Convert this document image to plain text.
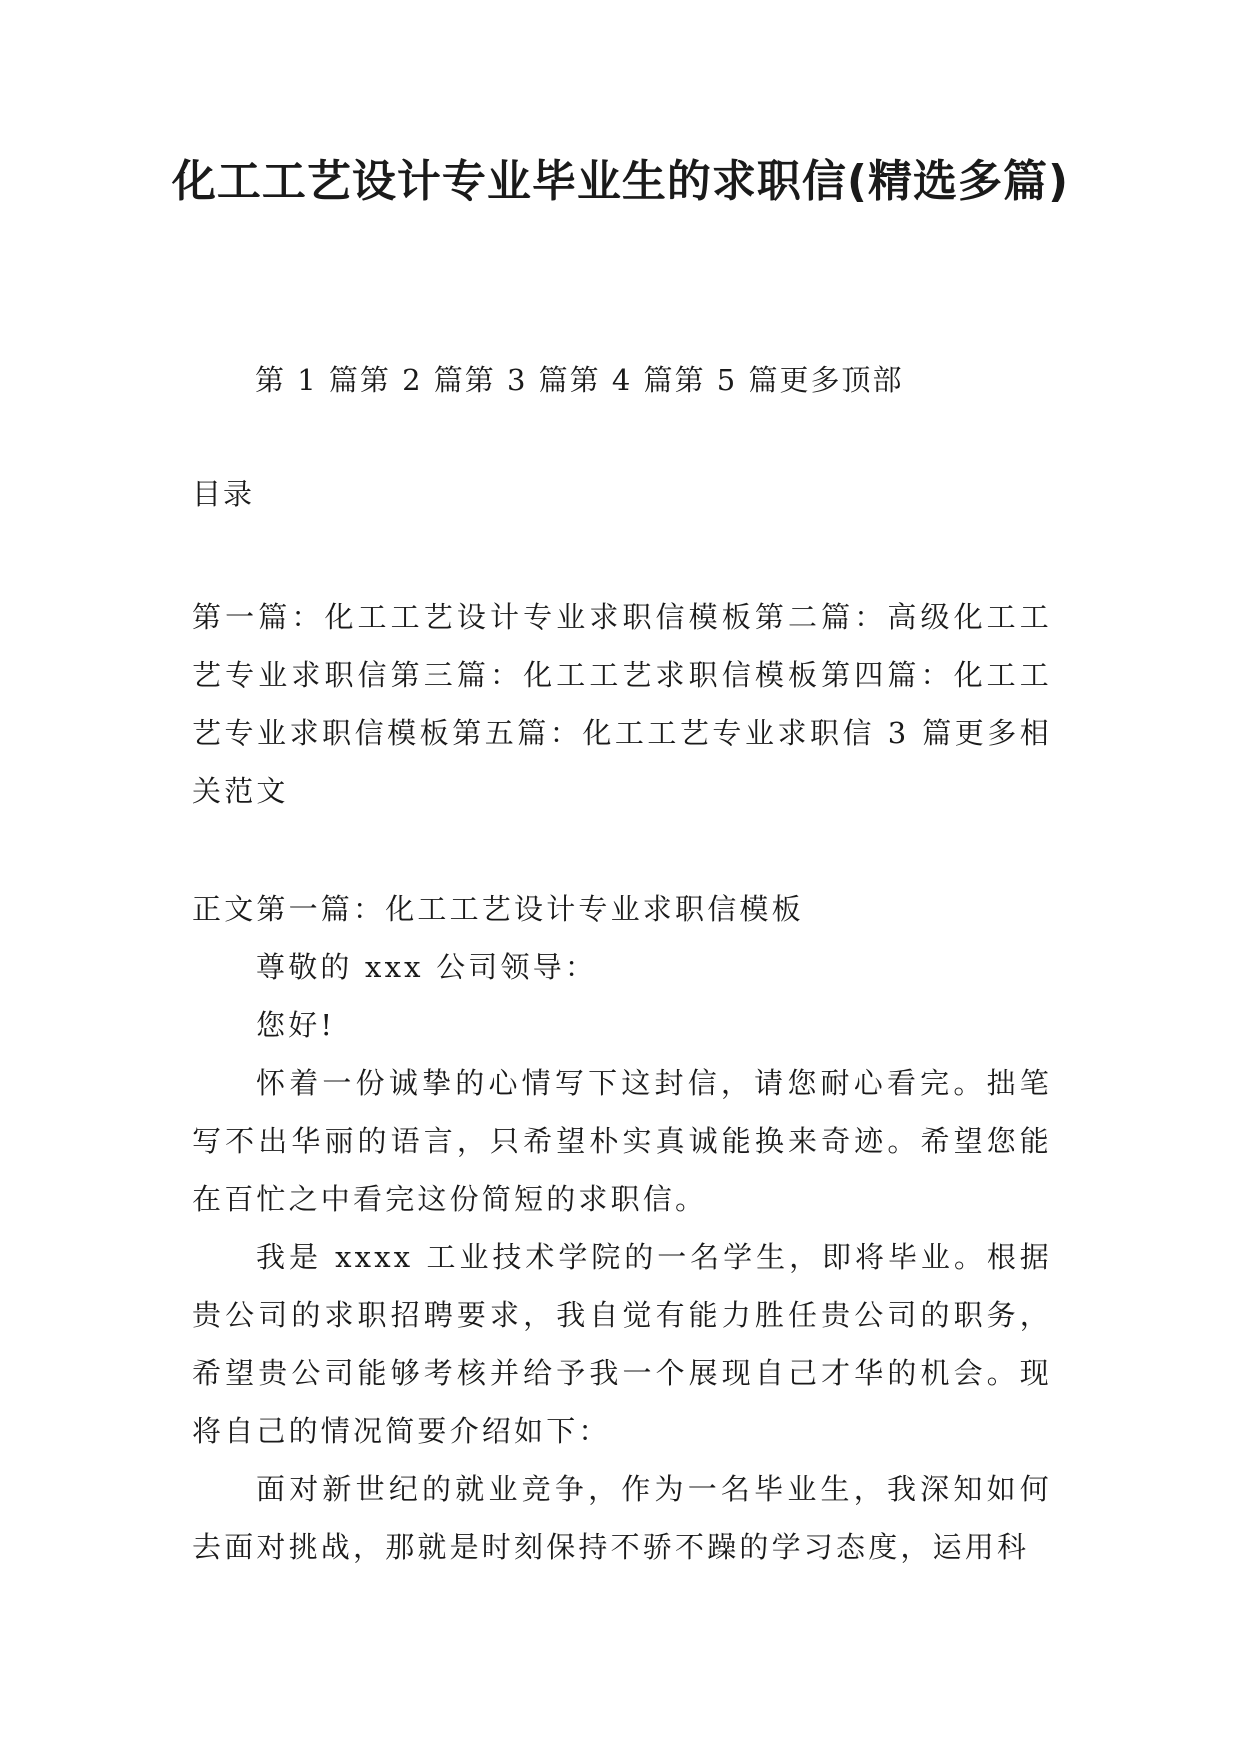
化工工艺设计专业毕业生的求职信(精选多篇)
第 1 篇第 2 篇第 3 篇第 4 篇第 5 篇更多顶部
目录
第一篇：化工工艺设计专业求职信模板第二篇：高级化工工艺专业求职信第三篇：化工工艺求职信模板第四篇：化工工艺专业求职信模板第五篇：化工工艺专业求职信 3 篇更多相关范文

正文第一篇：化工工艺设计专业求职信模板

尊敬的 xxx 公司领导：

您好!

怀着一份诚挚的心情写下这封信，请您耐心看完。拙笔写不出华丽的语言，只希望朴实真诚能换来奇迹。希望您能在百忙之中看完这份简短的求职信。

我是 xxxx 工业技术学院的一名学生，即将毕业。根据贵公司的求职招聘要求，我自觉有能力胜任贵公司的职务，希望贵公司能够考核并给予我一个展现自己才华的机会。现将自己的情况简要介绍如下：

面对新世纪的就业竞争，作为一名毕业生，我深知如何去面对挑战，那就是时刻保持不骄不躁的学习态度，运用科
